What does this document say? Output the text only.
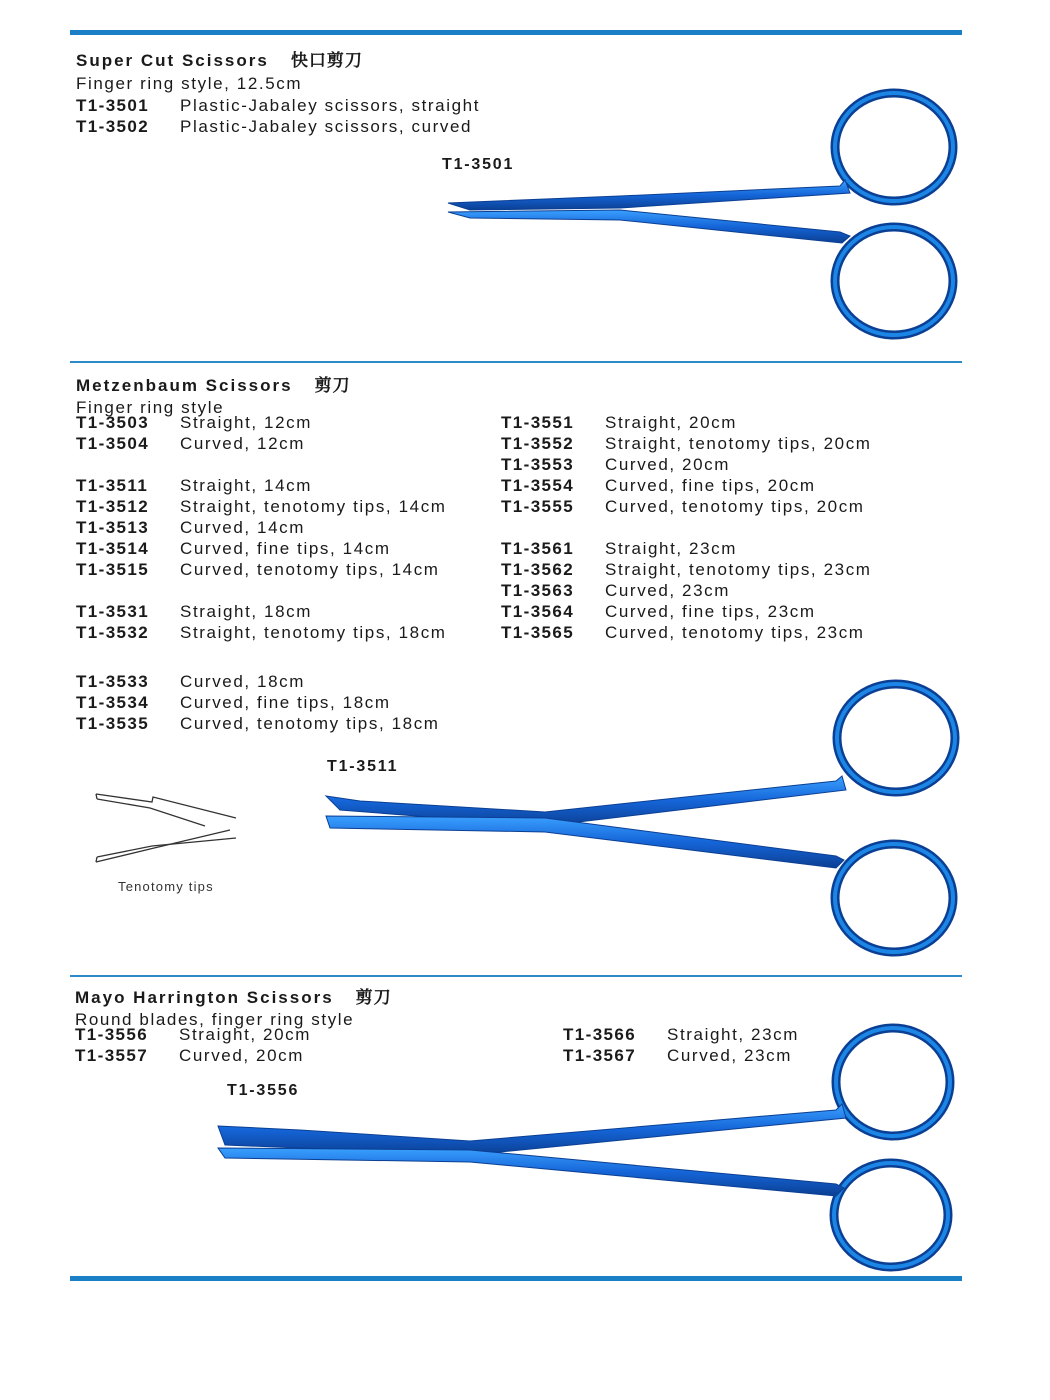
Super Cut Scissors 快口剪刀
Finger ring style, 12.5cm
T1-3501 Plastic-Jabaley scissors, straight
T1-3502 Plastic-Jabaley scissors, curved
T1-3501
Metzenbaum Scissors 剪刀
Finger ring style
T1-3503 Straight, 12cm
T1-3504 Curved, 12cm
T1-3511 Straight, 14cm
T1-3512 Straight, tenotomy tips, 14cm
T1-3513 Curved, 14cm
T1-3514 Curved, fine tips, 14cm
T1-3515 Curved, tenotomy tips, 14cm
T1-3531 Straight, 18cm
T1-3532 Straight, tenotomy tips, 18cm
T1-3533 Curved, 18cm
T1-3534 Curved, fine tips, 18cm
T1-3535 Curved, tenotomy tips, 18cm
T1-3551 Straight, 20cm
T1-3552 Straight, tenotomy tips, 20cm
T1-3553 Curved, 20cm
T1-3554 Curved, fine tips, 20cm
T1-3555 Curved, tenotomy tips, 20cm
T1-3561 Straight, 23cm
T1-3562 Straight, tenotomy tips, 23cm
T1-3563 Curved, 23cm
T1-3564 Curved, fine tips, 23cm
T1-3565 Curved, tenotomy tips, 23cm
T1-3511
Tenotomy tips
Mayo Harrington Scissors 剪刀
Round blades, finger ring style
T1-3556 Straight, 20cm
T1-3557 Curved, 20cm
T1-3566 Straight, 23cm
T1-3567 Curved, 23cm
T1-3556
